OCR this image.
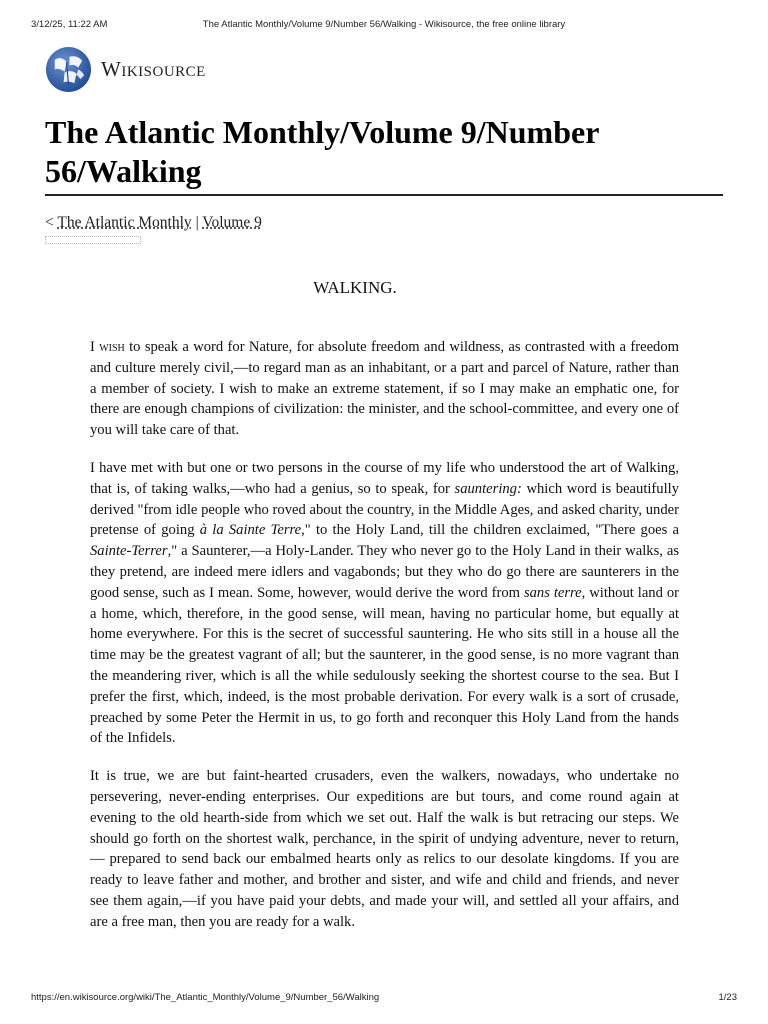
3/12/25, 11:22 AM	The Atlantic Monthly/Volume 9/Number 56/Walking - Wikisource, the free online library
Wikisource
The Atlantic Monthly/Volume 9/Number 56/Walking
< The Atlantic Monthly | Volume 9
WALKING.

I wish to speak a word for Nature, for absolute freedom and wildness, as contrasted with a freedom and culture merely civil,—to regard man as an inhabitant, or a part and parcel of Nature, rather than a member of society. I wish to make an extreme statement, if so I may make an emphatic one, for there are enough champions of civilization: the minister, and the school-committee, and every one of you will take care of that.

I have met with but one or two persons in the course of my life who understood the art of Walking, that is, of taking walks,—who had a genius, so to speak, for sauntering: which word is beautifully derived "from idle people who roved about the country, in the Middle Ages, and asked charity, under pretense of going à la Sainte Terre," to the Holy Land, till the children exclaimed, "There goes a Sainte-Terrer," a Saunterer,—a Holy-Lander. They who never go to the Holy Land in their walks, as they pretend, are indeed mere idlers and vagabonds; but they who do go there are saunterers in the good sense, such as I mean. Some, however, would derive the word from sans terre, without land or a home, which, therefore, in the good sense, will mean, having no particular home, but equally at home everywhere. For this is the secret of successful sauntering. He who sits still in a house all the time may be the greatest vagrant of all; but the saunterer, in the good sense, is no more vagrant than the meandering river, which is all the while sedulously seeking the shortest course to the sea. But I prefer the first, which, indeed, is the most probable derivation. For every walk is a sort of crusade, preached by some Peter the Hermit in us, to go forth and reconquer this Holy Land from the hands of the Infidels.

It is true, we are but faint-hearted crusaders, even the walkers, nowadays, who undertake no persevering, never-ending enterprises. Our expeditions are but tours, and come round again at evening to the old hearth-side from which we set out. Half the walk is but retracing our steps. We should go forth on the shortest walk, perchance, in the spirit of undying adventure, never to return,— prepared to send back our embalmed hearts only as relics to our desolate kingdoms. If you are ready to leave father and mother, and brother and sister, and wife and child and friends, and never see them again,—if you have paid your debts, and made your will, and settled all your affairs, and are a free man, then you are ready for a walk.

https://en.wikisource.org/wiki/The_Atlantic_Monthly/Volume_9/Number_56/Walking	1/23
